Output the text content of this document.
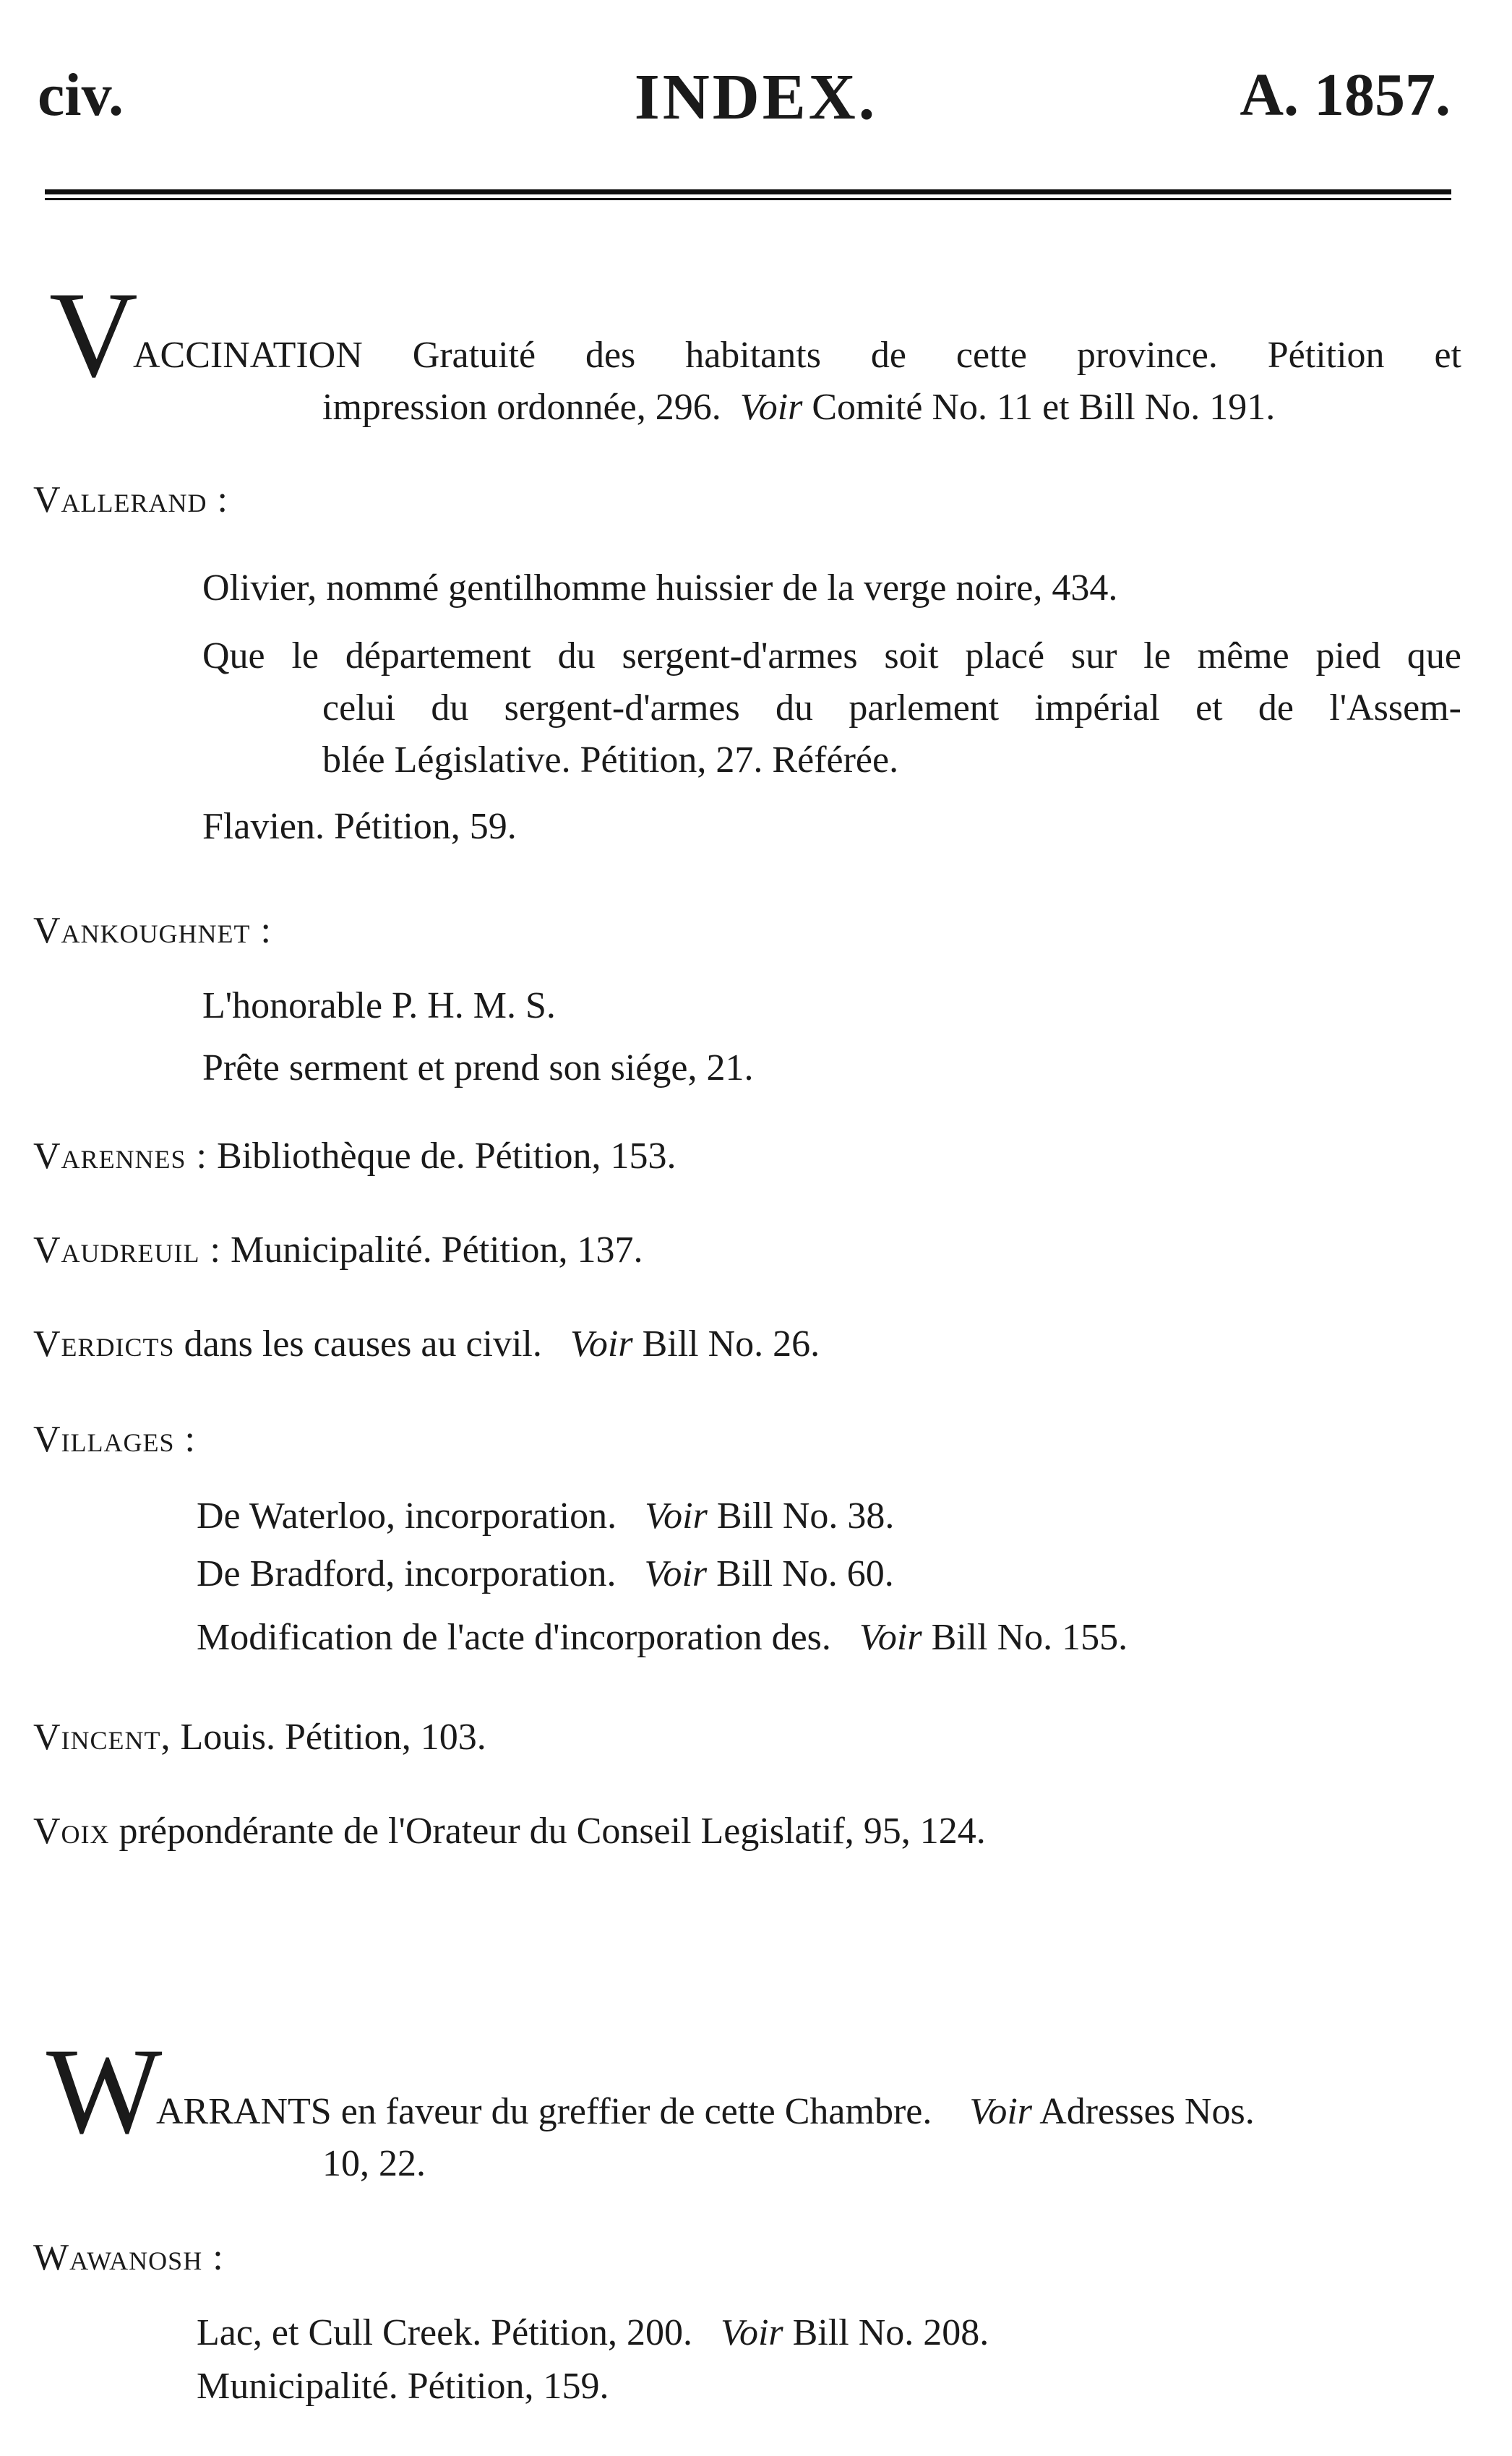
civ.	INDEX.	A. 1857.
V
ACCINATION Gratuité des habitants de cette province. Pétition et
impression ordonnée, 296. Voir Comité No. 11 et Bill No. 191.
Vallerand :
Olivier, nommé gentilhomme huissier de la verge noire, 434.
Que le département du sergent-d'armes soit placé sur le même pied que
celui du sergent-d'armes du parlement impérial et de l'Assem-
blée Législative. Pétition, 27. Référée.
Flavien. Pétition, 59.
Vankoughnet :
L'honorable P. H. M. S.
Prête serment et prend son siége, 21.
Varennes : Bibliothèque de. Pétition, 153.
Vaudreuil : Municipalité. Pétition, 137.
Verdicts dans les causes au civil. Voir Bill No. 26.
Villages :
De Waterloo, incorporation. Voir Bill No. 38.
De Bradford, incorporation. Voir Bill No. 60.
Modification de l'acte d'incorporation des. Voir Bill No. 155.
Vincent, Louis. Pétition, 103.
Voix prépondérante de l'Orateur du Conseil Legislatif, 95, 124.
W
ARRANTS en faveur du greffier de cette Chambre. Voir Adresses Nos.
10, 22.
Wawanosh :
Lac, et Cull Creek. Pétition, 200. Voir Bill No. 208.
Municipalité. Pétition, 159.
